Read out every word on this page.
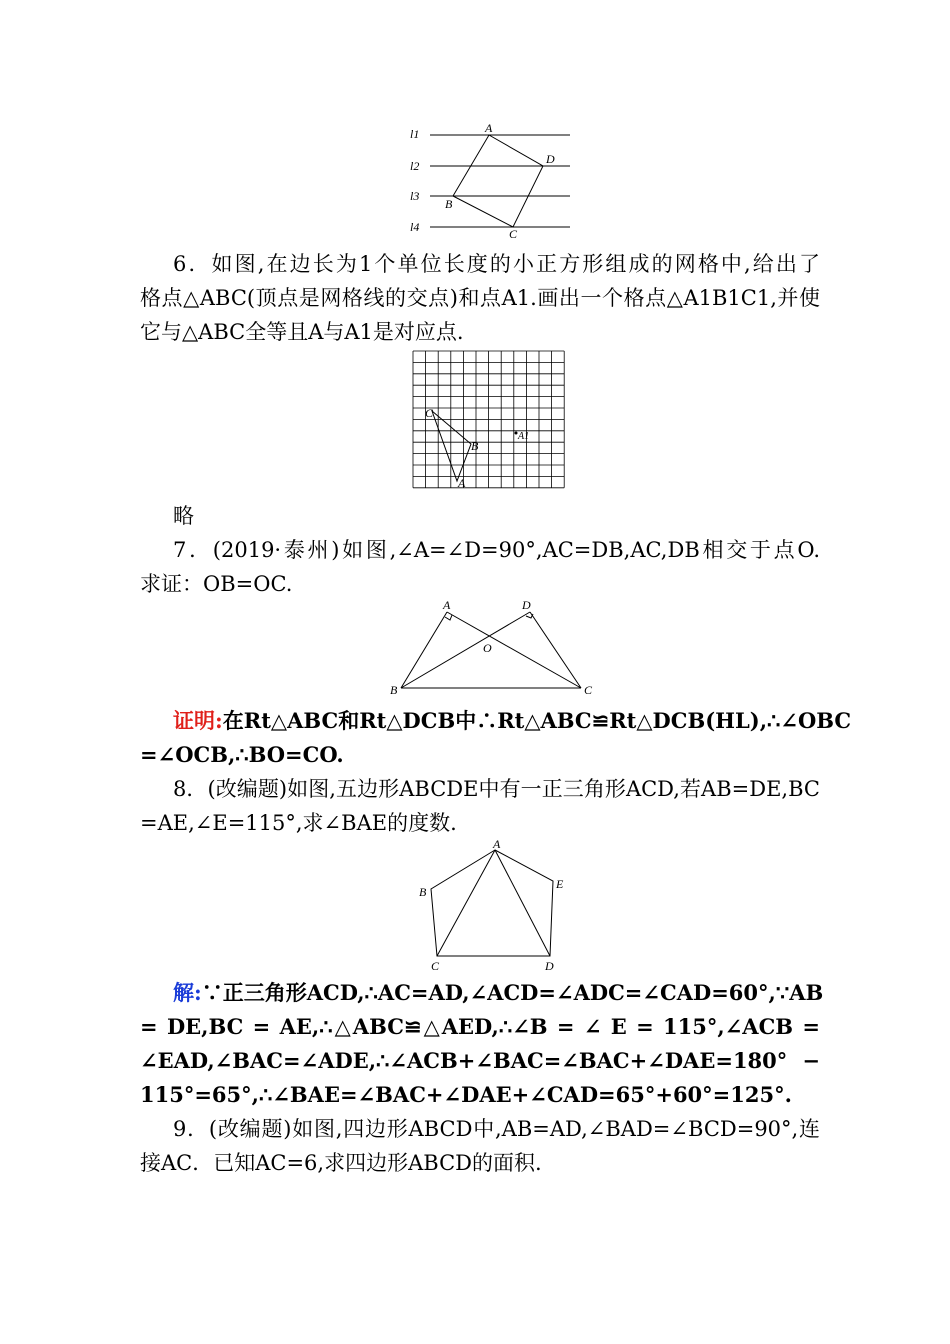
l1
l2
l3
l4
A
D
B
C
6．如图,在边长为1个单位长度的小正方形组成的网格中,给出了
格点△ABC(顶点是网格线的交点)和点A1.画出一个格点△A1B1C1,并使
它与△ABC全等且A与A1是对应点.
C
B
A
A1
略
7．(2019·泰州)如图,∠A=∠D=90°,AC=DB,AC,DB相交于点O.
求证：OB=OC.
A	D
O
B	C
证明:在Rt△ABC和Rt△DCB中∴Rt△ABC≌Rt△DCB(HL),∴∠OBC
=∠OCB,∴BO=CO.
8．(改编题)如图,五边形ABCDE中有一正三角形ACD,若AB=DE,BC
=AE,∠E=115°,求∠BAE的度数.
A
B
E
C	D
解:∵正三角形ACD,∴AC=AD,∠ACD=∠ADC=∠CAD=60°,∵AB
= DE,BC = AE,∴△ABC≌△AED,∴∠B = ∠ E = 115°,∠ACB =
∠EAD,∠BAC=∠ADE,∴∠ACB+∠BAC=∠BAC+∠DAE=180° −
115°=65°,∴∠BAE=∠BAC+∠DAE+∠CAD=65°+60°=125°.
9．(改编题)如图,四边形ABCD中,AB=AD,∠BAD=∠BCD=90°,连
接AC．已知AC=6,求四边形ABCD的面积.
